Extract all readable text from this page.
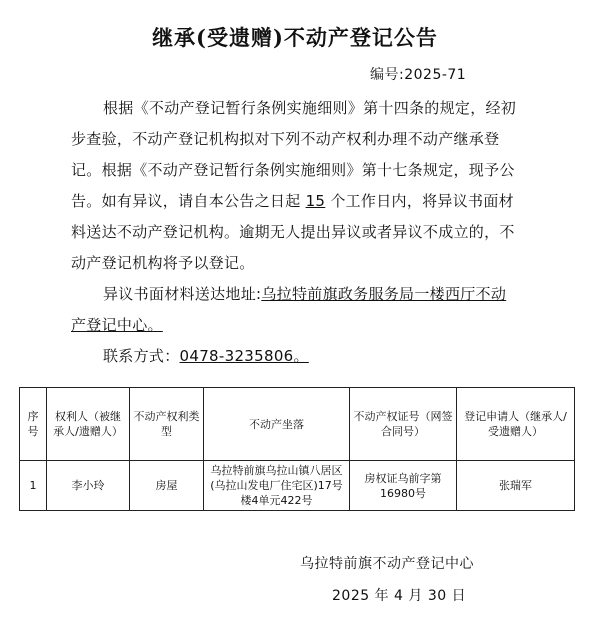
继承(受遗赠)不动产登记公告
编号:2025-71

根据《不动产登记暂行条例实施细则》第十四条的规定，经初步查验，不动产登记机构拟对下列不动产权利办理不动产继承登记。根据《不动产登记暂行条例实施细则》第十七条规定，现予公告。如有异议，请自本公告之日起 15 个工作日内，将异议书面材料送达不动产登记机构。逾期无人提出异议或者异议不成立的，不动产登记机构将予以登记。

异议书面材料送达地址:乌拉特前旗政务服务局一楼西厅不动产登记中心。

联系方式：0478-3235806。

序号	权利人（被继承人/遗赠人）	不动产权利类型	不动产坐落	不动产权证号（网签合同号）	登记申请人（继承人/受遗赠人）
1	李小玲	房屋	乌拉特前旗乌拉山镇八居区(乌拉山发电厂住宅区)17号楼4单元422号	房权证乌前字第16980号	张瑞军
乌拉特前旗不动产登记中心
2025 年 4 月 30 日
